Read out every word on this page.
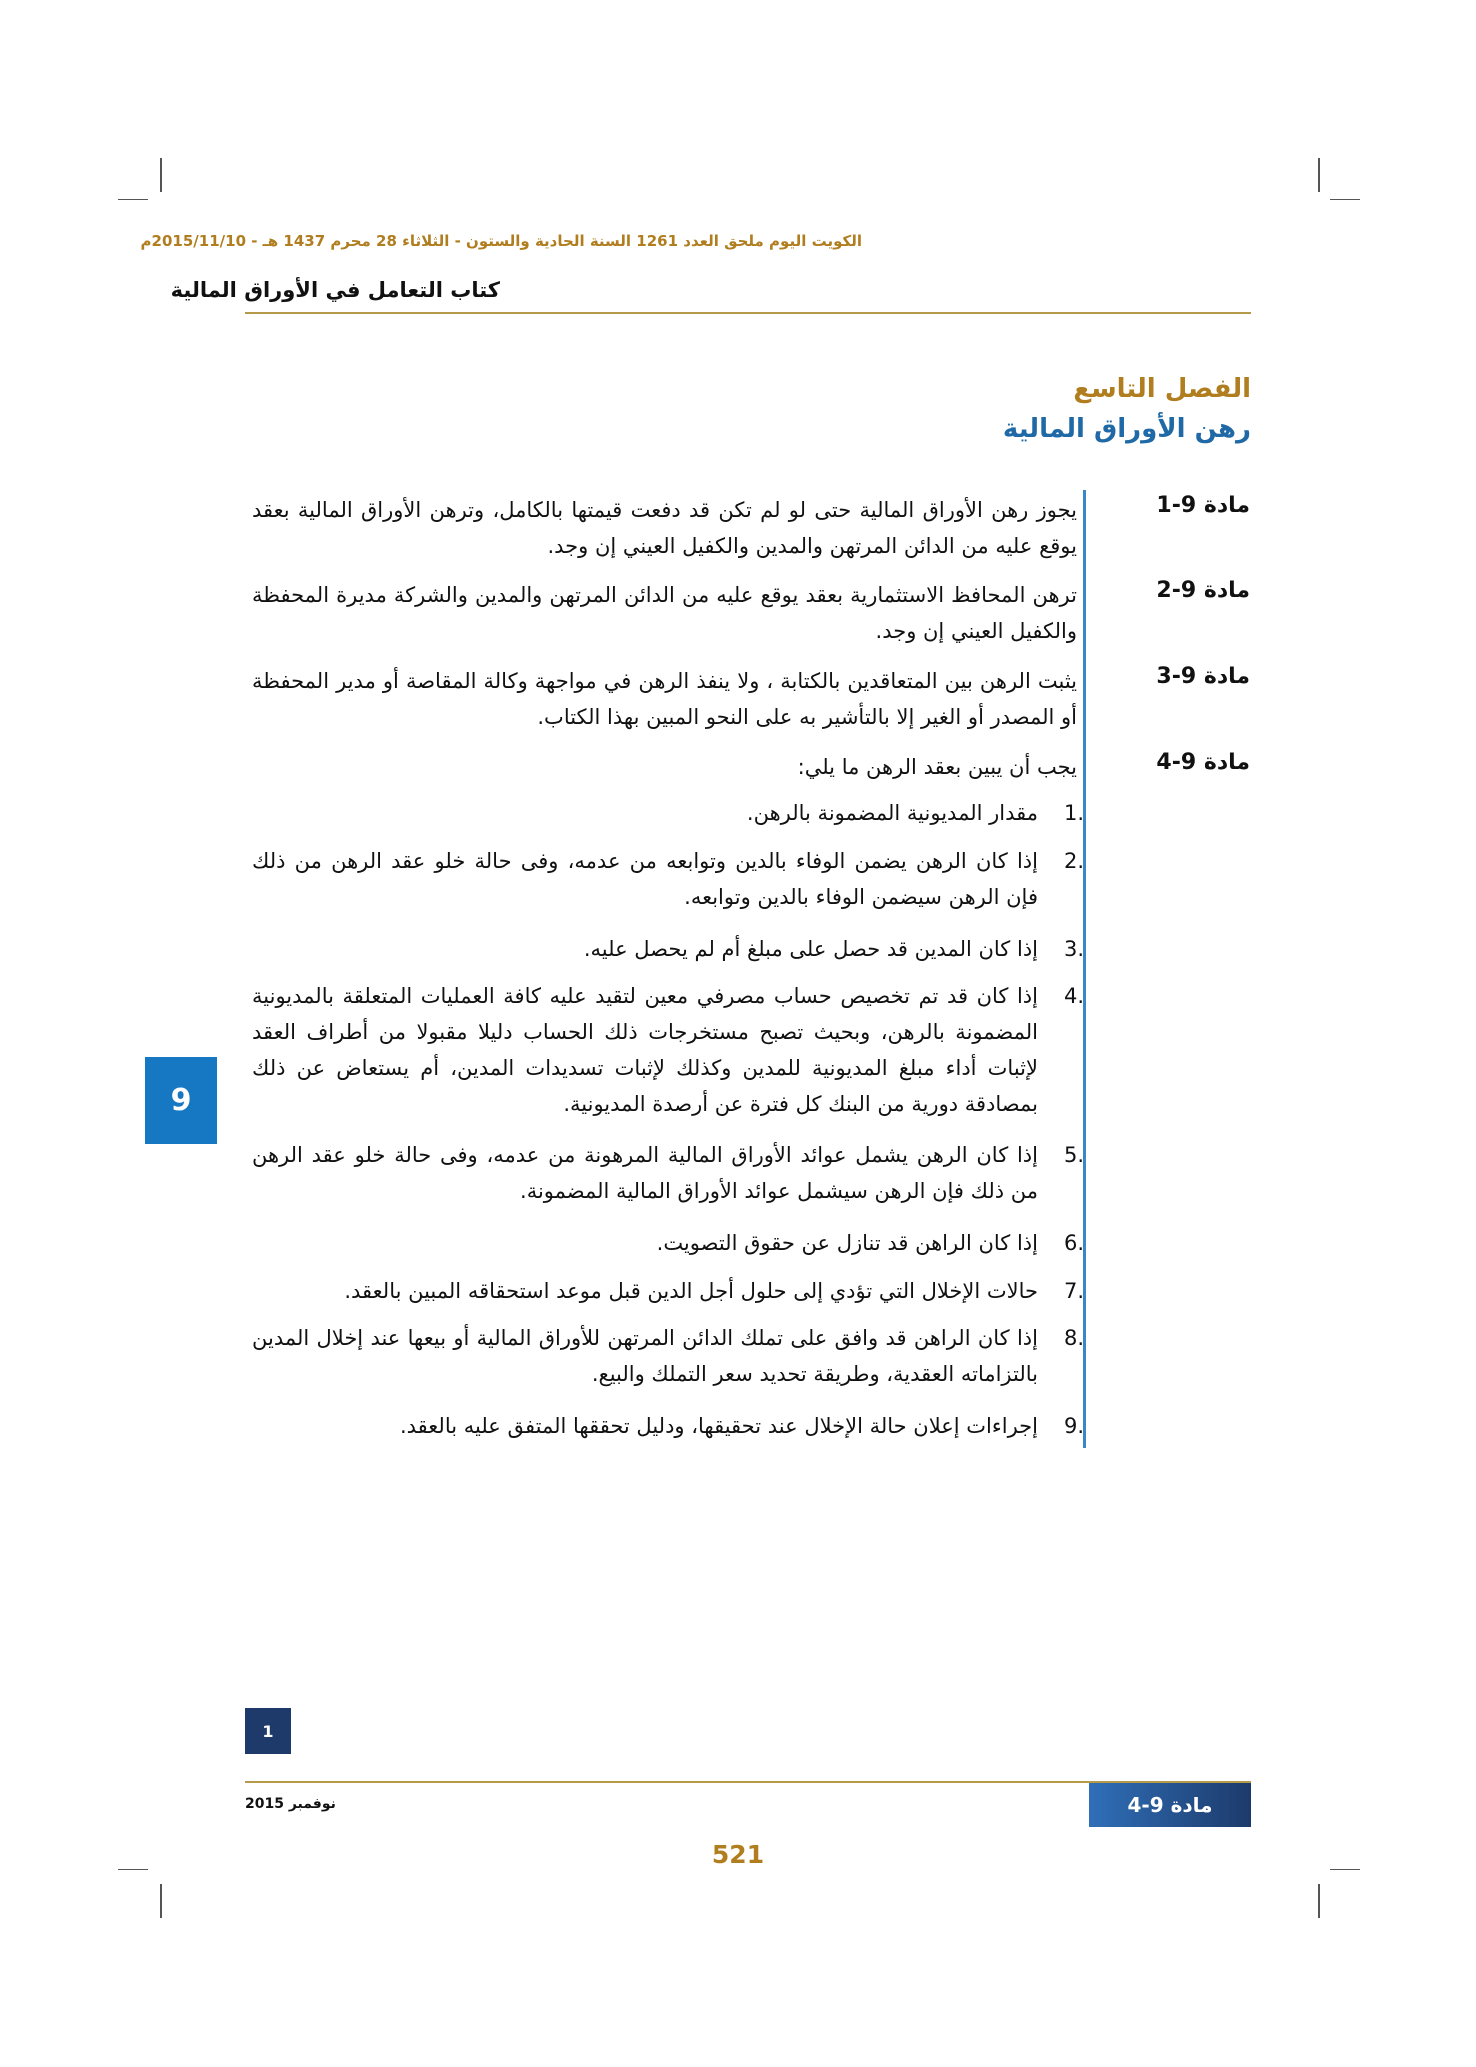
الكويت اليوم ملحق العدد 1261 السنة الحادية والستون - الثلاثاء 28 محرم 1437 هـ - 2015/11/10م
كتاب التعامل في الأوراق المالية
الفصل التاسع
رهن الأوراق المالية
مادة 9-1
يجوز رهن الأوراق المالية حتى لو لم تكن قد دفعت قيمتها بالكامل، وترهن الأوراق المالية بعقد يوقع عليه من الدائن المرتهن والمدين والكفيل العيني إن وجد.
مادة 9-2
ترهن المحافظ الاستثمارية بعقد يوقع عليه من الدائن المرتهن والمدين والشركة مديرة المحفظة والكفيل العيني إن وجد.
مادة 9-3
يثبت الرهن بين المتعاقدين بالكتابة ، ولا ينفذ الرهن في مواجهة وكالة المقاصة أو مدير المحفظة أو المصدر أو الغير إلا بالتأشير به على النحو المبين بهذا الكتاب.
مادة 9-4
يجب أن يبين بعقد الرهن ما يلي:
.1
مقدار المديونية المضمونة بالرهن.
.2
إذا كان الرهن يضمن الوفاء بالدين وتوابعه من عدمه، وفى حالة خلو عقد الرهن من ذلك فإن الرهن سيضمن الوفاء بالدين وتوابعه.
.3
إذا كان المدين قد حصل على مبلغ أم لم يحصل عليه.
.4
إذا كان قد تم تخصيص حساب مصرفي معين لتقيد عليه كافة العمليات المتعلقة بالمديونية المضمونة بالرهن، وبحيث تصبح مستخرجات ذلك الحساب دليلا مقبولا من أطراف العقد لإثبات أداء مبلغ المديونية للمدين وكذلك لإثبات تسديدات المدين، أم يستعاض عن ذلك بمصادقة دورية من البنك كل فترة عن أرصدة المديونية.
.5
إذا كان الرهن يشمل عوائد الأوراق المالية المرهونة من عدمه، وفى حالة خلو عقد الرهن من ذلك فإن الرهن سيشمل عوائد الأوراق المالية المضمونة.
.6
إذا كان الراهن قد تنازل عن حقوق التصويت.
.7
حالات الإخلال التي تؤدي إلى حلول أجل الدين قبل موعد استحقاقه المبين بالعقد.
.8
إذا كان الراهن قد وافق على تملك الدائن المرتهن للأوراق المالية أو بيعها عند إخلال المدين بالتزاماته العقدية، وطريقة تحديد سعر التملك والبيع.
.9
إجراءات إعلان حالة الإخلال عند تحقيقها، ودليل تحققها المتفق عليه بالعقد.
9
1
نوفمبر 2015	مادة 9-4
521
